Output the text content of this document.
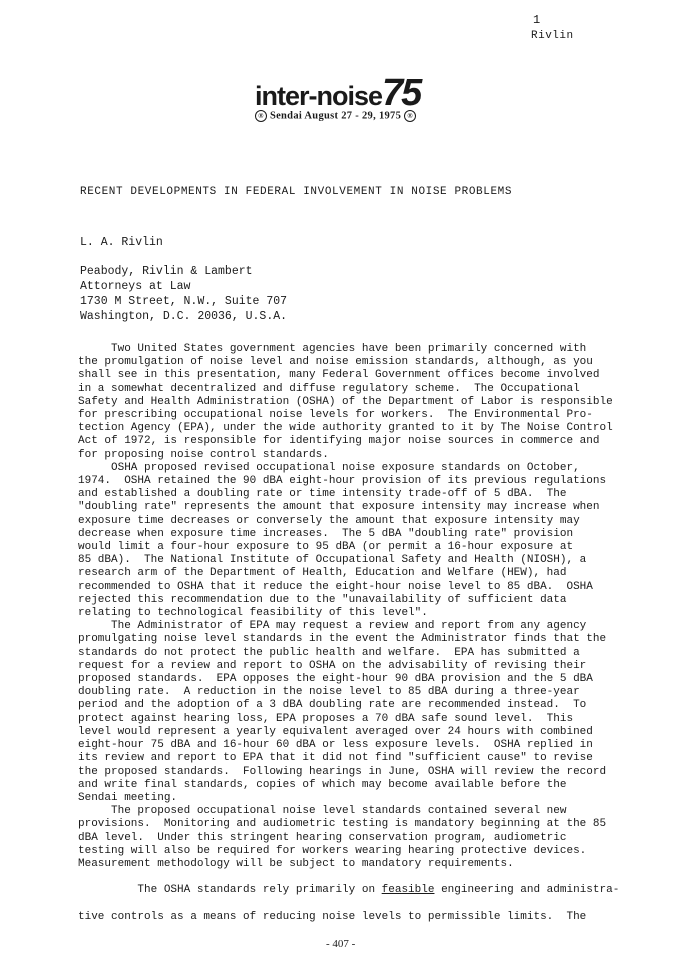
1
Rivlin
inter-noise75
® Sendai August 27 - 29, 1975 ®
RECENT DEVELOPMENTS IN FEDERAL INVOLVEMENT IN NOISE PROBLEMS
L. A. Rivlin
Peabody, Rivlin & Lambert
Attorneys at Law
1730 M Street, N.W., Suite 707
Washington, D.C. 20036, U.S.A.
Two United States government agencies have been primarily concerned with
the promulgation of noise level and noise emission standards, although, as you
shall see in this presentation, many Federal Government offices become involved
in a somewhat decentralized and diffuse regulatory scheme.  The Occupational
Safety and Health Administration (OSHA) of the Department of Labor is responsible
for prescribing occupational noise levels for workers.  The Environmental Pro-
tection Agency (EPA), under the wide authority granted to it by The Noise Control
Act of 1972, is responsible for identifying major noise sources in commerce and
for proposing noise control standards.
OSHA proposed revised occupational noise exposure standards on October,
1974.  OSHA retained the 90 dBA eight-hour provision of its previous regulations
and established a doubling rate or time intensity trade-off of 5 dBA.  The
"doubling rate" represents the amount that exposure intensity may increase when
exposure time decreases or conversely the amount that exposure intensity may
decrease when exposure time increases.  The 5 dBA "doubling rate" provision
would limit a four-hour exposure to 95 dBA (or permit a 16-hour exposure at
85 dBA).  The National Institute of Occupational Safety and Health (NIOSH), a
research arm of the Department of Health, Education and Welfare (HEW), had
recommended to OSHA that it reduce the eight-hour noise level to 85 dBA.  OSHA
rejected this recommendation due to the "unavailability of sufficient data
relating to technological feasibility of this level".
The Administrator of EPA may request a review and report from any agency
promulgating noise level standards in the event the Administrator finds that the
standards do not protect the public health and welfare.  EPA has submitted a
request for a review and report to OSHA on the advisability of revising their
proposed standards.  EPA opposes the eight-hour 90 dBA provision and the 5 dBA
doubling rate.  A reduction in the noise level to 85 dBA during a three-year
period and the adoption of a 3 dBA doubling rate are recommended instead.  To
protect against hearing loss, EPA proposes a 70 dBA safe sound level.  This
level would represent a yearly equivalent averaged over 24 hours with combined
eight-hour 75 dBA and 16-hour 60 dBA or less exposure levels.  OSHA replied in
its review and report to EPA that it did not find "sufficient cause" to revise
the proposed standards.  Following hearings in June, OSHA will review the record
and write final standards, copies of which may become available before the
Sendai meeting.
The proposed occupational noise level standards contained several new
provisions.  Monitoring and audiometric testing is mandatory beginning at the 85
dBA level.  Under this stringent hearing conservation program, audiometric
testing will also be required for workers wearing hearing protective devices.
Measurement methodology will be subject to mandatory requirements.

The OSHA standards rely primarily on feasible engineering and administra-

tive controls as a means of reducing noise levels to permissible limits.  The
- 407 -
